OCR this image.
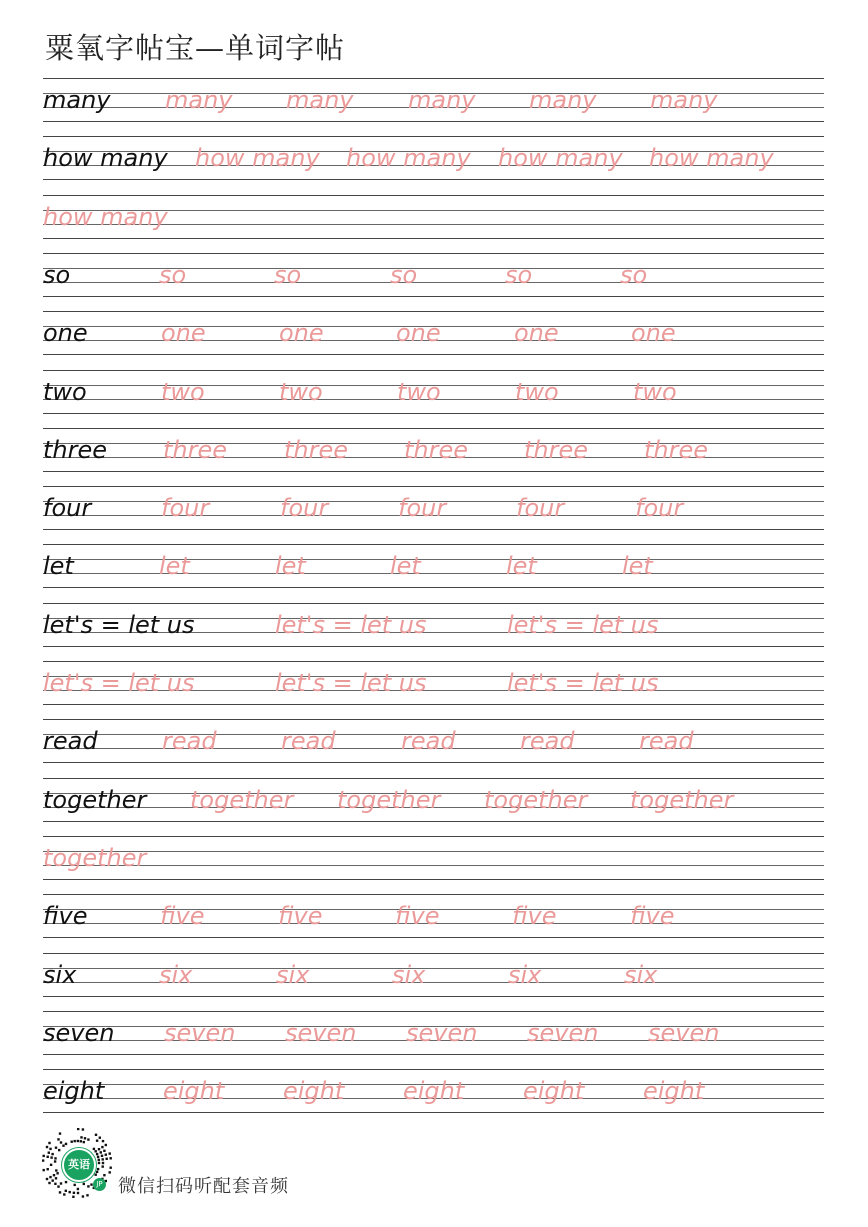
粟氧字帖宝—单词字帖
many many many many many many
how many how many how many how many how many
how many
so	so	so	so	so	so
one	one	one	one	one	one
two	two	two	two	two	two
three three three three three three
four	four	four	four	four	four
let	let	let	let	let	let
let's = let us	let's = let us	let's = let us
let's = let us	let's = let us	let's = let us
read	read	read	read	read	read
together together together together together
together
five	five	five	five	five	five
six	six	six	six	six	six
seven seven seven seven seven seven
eight eight eight eight eight eight
英语
JP 微信扫码听配套音频
